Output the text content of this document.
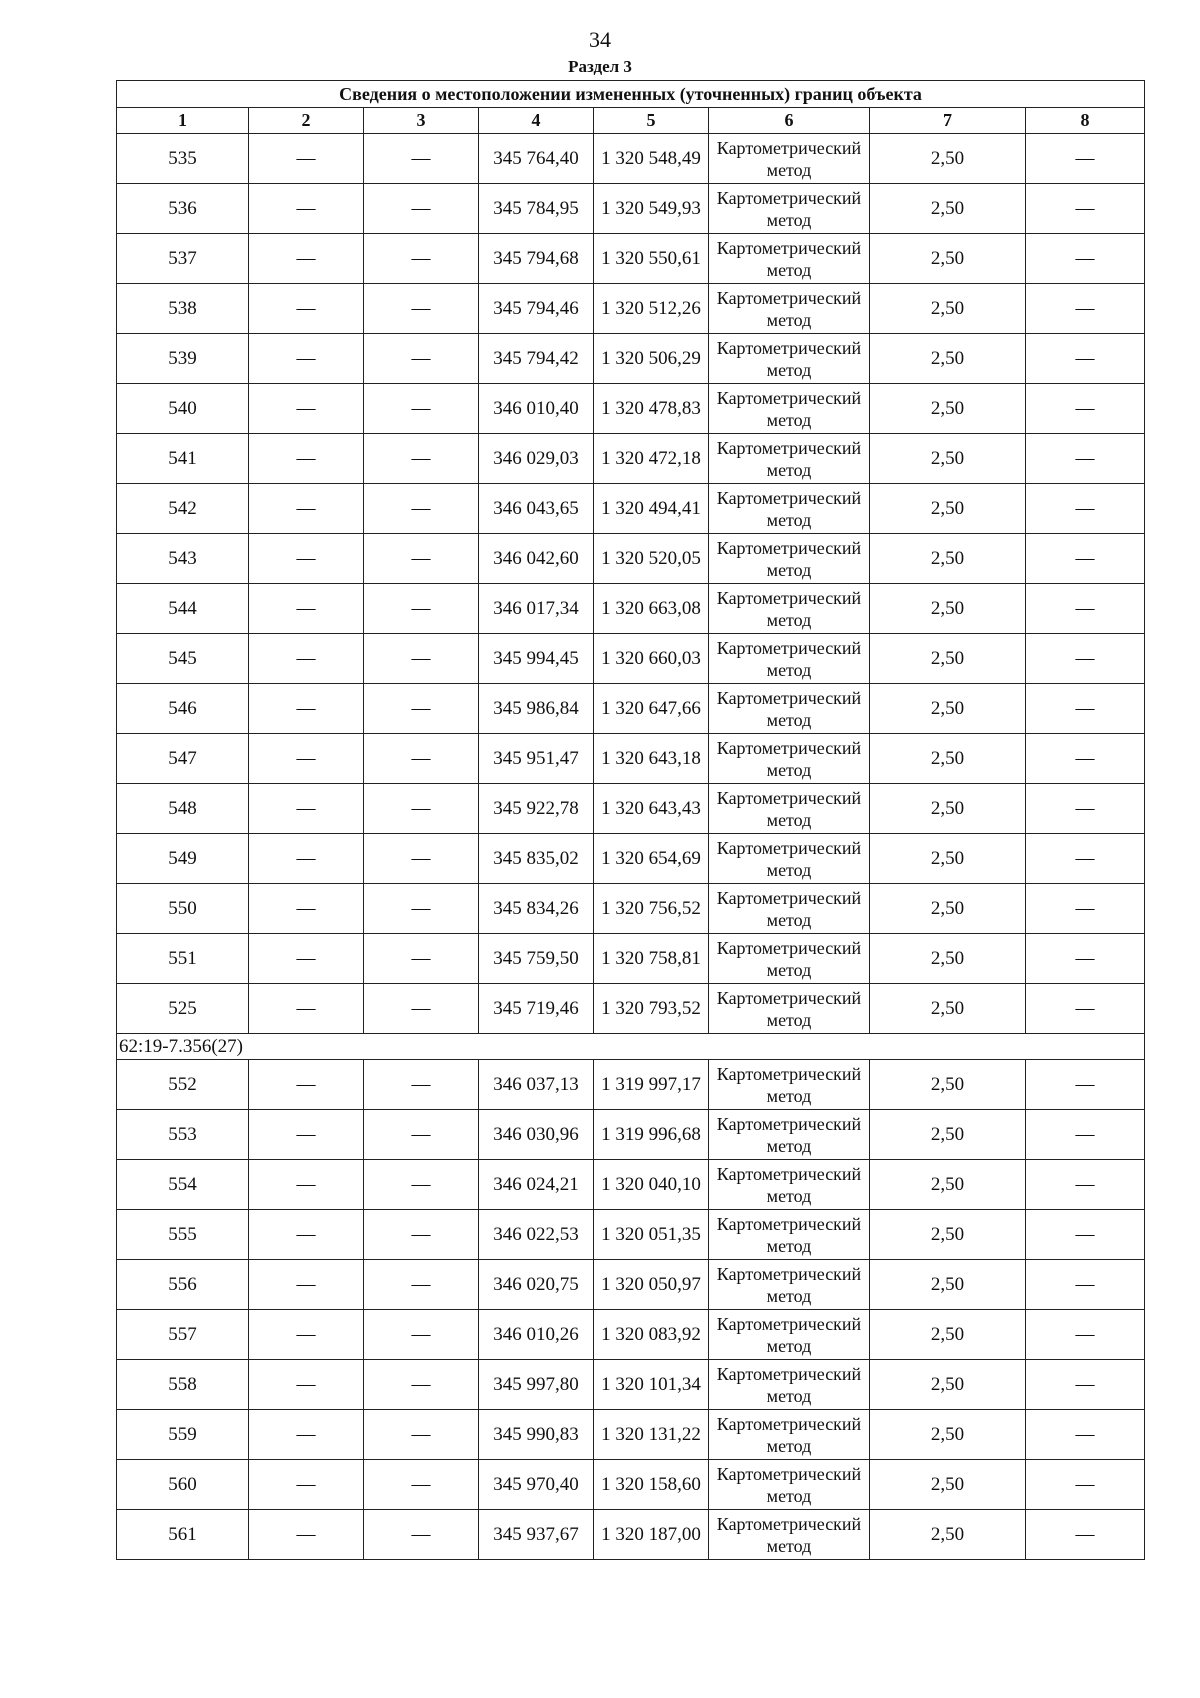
34
Раздел 3
Сведения о местоположении измененных (уточненных) границ объекта							
1	2	3	4	5	6	7	8
535	—	—	345 764,40	1 320 548,49	Картометрический метод	2,50	—
536	—	—	345 784,95	1 320 549,93	Картометрический метод	2,50	—
537	—	—	345 794,68	1 320 550,61	Картометрический метод	2,50	—
538	—	—	345 794,46	1 320 512,26	Картометрический метод	2,50	—
539	—	—	345 794,42	1 320 506,29	Картометрический метод	2,50	—
540	—	—	346 010,40	1 320 478,83	Картометрический метод	2,50	—
541	—	—	346 029,03	1 320 472,18	Картометрический метод	2,50	—
542	—	—	346 043,65	1 320 494,41	Картометрический метод	2,50	—
543	—	—	346 042,60	1 320 520,05	Картометрический метод	2,50	—
544	—	—	346 017,34	1 320 663,08	Картометрический метод	2,50	—
545	—	—	345 994,45	1 320 660,03	Картометрический метод	2,50	—
546	—	—	345 986,84	1 320 647,66	Картометрический метод	2,50	—
547	—	—	345 951,47	1 320 643,18	Картометрический метод	2,50	—
548	—	—	345 922,78	1 320 643,43	Картометрический метод	2,50	—
549	—	—	345 835,02	1 320 654,69	Картометрический метод	2,50	—
550	—	—	345 834,26	1 320 756,52	Картометрический метод	2,50	—
551	—	—	345 759,50	1 320 758,81	Картометрический метод	2,50	—
525	—	—	345 719,46	1 320 793,52	Картометрический метод	2,50	—
62:19-7.356(27)							
552	—	—	346 037,13	1 319 997,17	Картометрический метод	2,50	—
553	—	—	346 030,96	1 319 996,68	Картометрический метод	2,50	—
554	—	—	346 024,21	1 320 040,10	Картометрический метод	2,50	—
555	—	—	346 022,53	1 320 051,35	Картометрический метод	2,50	—
556	—	—	346 020,75	1 320 050,97	Картометрический метод	2,50	—
557	—	—	346 010,26	1 320 083,92	Картометрический метод	2,50	—
558	—	—	345 997,80	1 320 101,34	Картометрический метод	2,50	—
559	—	—	345 990,83	1 320 131,22	Картометрический метод	2,50	—
560	—	—	345 970,40	1 320 158,60	Картометрический метод	2,50	—
561	—	—	345 937,67	1 320 187,00	Картометрический метод	2,50	—
